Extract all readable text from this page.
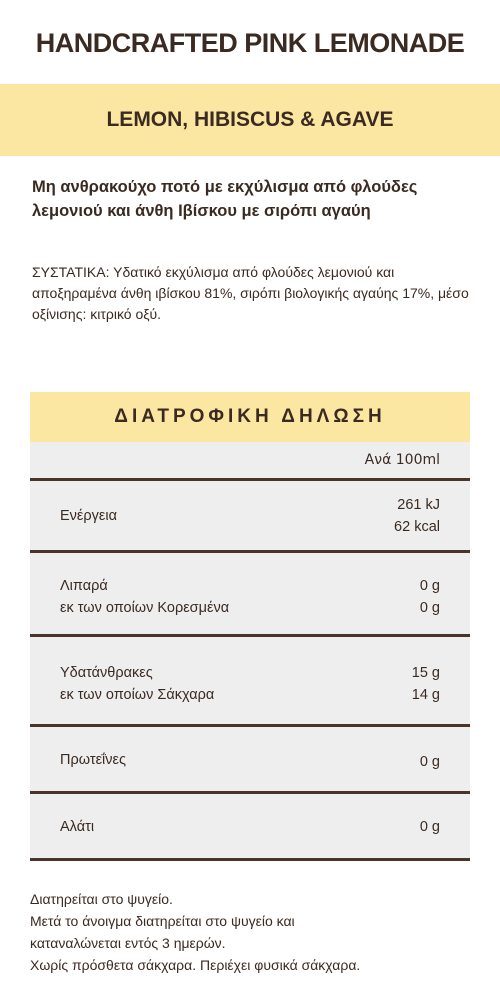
HANDCRAFTED PINK LEMONADE
LEMON, HIBISCUS & AGAVE
Μη ανθρακούχο ποτό με εκχύλισμα από φλούδες λεμονιού και άνθη Ιβίσκου με σιρόπι αγαύη
ΣΥΣΤΑΤΙΚΑ: Υδατικό εκχύλισμα από φλούδες λεμονιού και αποξηραμένα άνθη ιβίσκου 81%, σιρόπι βιολογικής αγαύης 17%, μέσο οξίνισης: κιτρικό οξύ.
ΔΙΑΤΡΟΦΙΚΗ ΔΗΛΩΣΗ
Ανά 100ml
Ενέργεια
261 kJ
62 kcal
Λιπαρά
εκ των οποίων Κορεσμένα
0 g
0 g
Υδατάνθρακες
εκ των οποίων Σάκχαρα
15 g
14 g
Πρωτεΐνες	0 g
Αλάτι	0 g
Διατηρείται στο ψυγείο.
Μετά το άνοιγμα διατηρείται στο ψυγείο και
καταναλώνεται εντός 3 ημερών.
Χωρίς πρόσθετα σάκχαρα. Περιέχει φυσικά σάκχαρα.
